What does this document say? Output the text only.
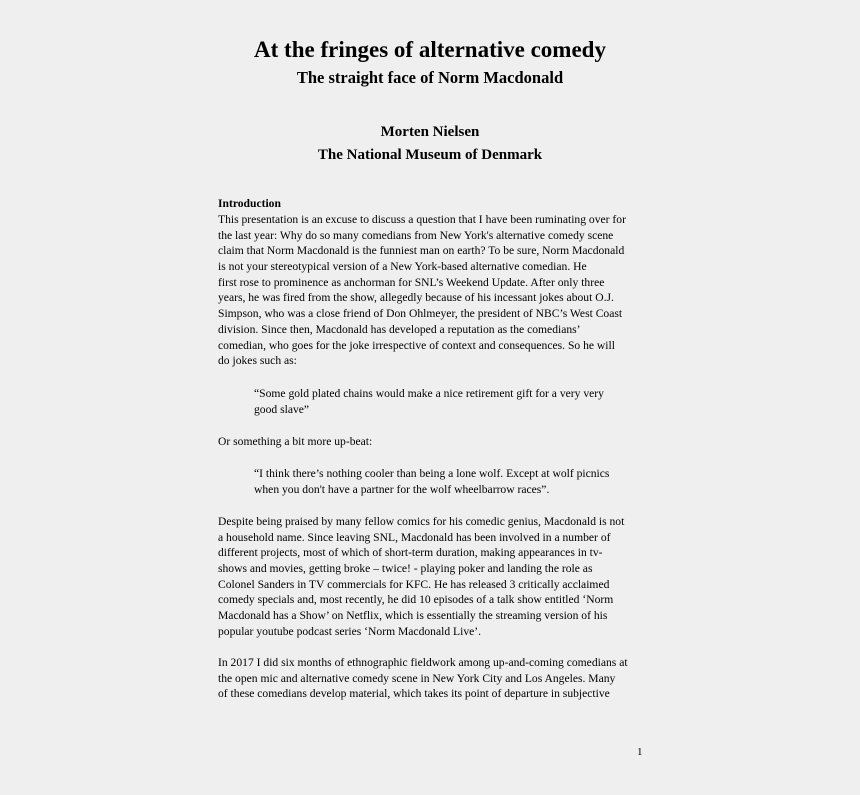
At the fringes of alternative comedy
The straight face of Norm Macdonald
Morten Nielsen
The National Museum of Denmark
Introduction
This presentation is an excuse to discuss a question that I have been ruminating over for
the last year: Why do so many comedians from New York's alternative comedy scene
claim that Norm Macdonald is the funniest man on earth? To be sure, Norm Macdonald
is not your stereotypical version of a New York-based alternative comedian. He
first rose to prominence as anchorman for SNL’s Weekend Update. After only three
years, he was fired from the show, allegedly because of his incessant jokes about O.J.
Simpson, who was a close friend of Don Ohlmeyer, the president of NBC’s West Coast
division. Since then, Macdonald has developed a reputation as the comedians’
comedian, who goes for the joke irrespective of context and consequences. So he will
do jokes such as:
“Some gold plated chains would make a nice retirement gift for a very very
good slave”
Or something a bit more up-beat:
“I think there’s nothing cooler than being a lone wolf. Except at wolf picnics
when you don't have a partner for the wolf wheelbarrow races”.
Despite being praised by many fellow comics for his comedic genius, Macdonald is not
a household name. Since leaving SNL, Macdonald has been involved in a number of
different projects, most of which of short-term duration, making appearances in tv-
shows and movies, getting broke – twice! - playing poker and landing the role as
Colonel Sanders in TV commercials for KFC. He has released 3 critically acclaimed
comedy specials and, most recently, he did 10 episodes of a talk show entitled ‘Norm
Macdonald has a Show’ on Netflix, which is essentially the streaming version of his
popular youtube podcast series ‘Norm Macdonald Live’.
In 2017 I did six months of ethnographic fieldwork among up-and-coming comedians at
the open mic and alternative comedy scene in New York City and Los Angeles. Many
of these comedians develop material, which takes its point of departure in subjective
1
